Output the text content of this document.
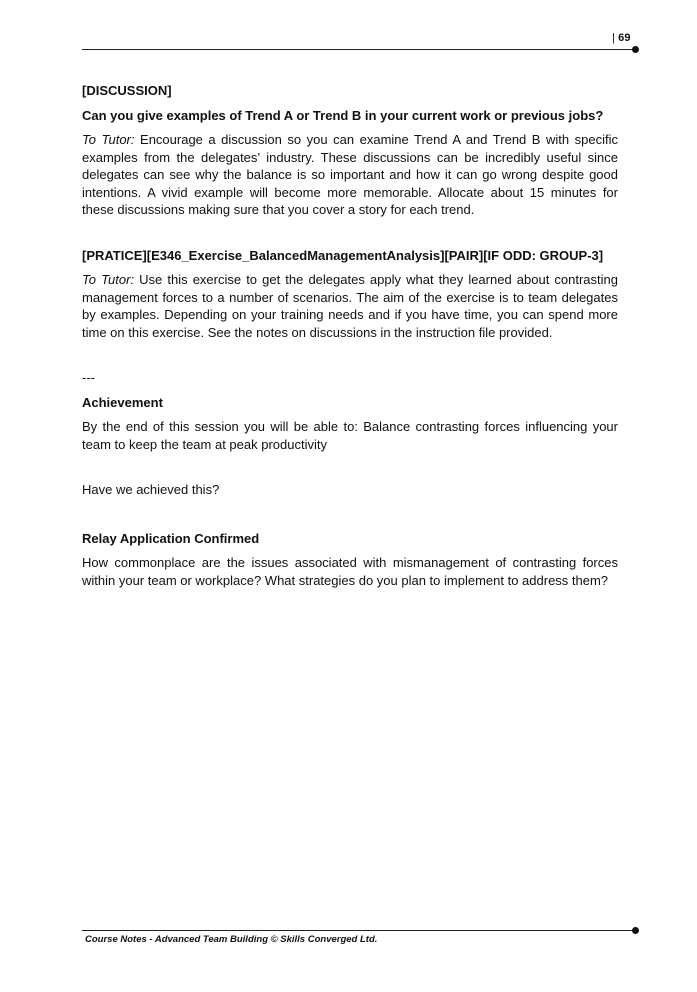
| 69

[DISCUSSION]

Can you give examples of Trend A or Trend B in your current work or previous jobs?

To Tutor: Encourage a discussion so you can examine Trend A and Trend B with specific examples from the delegates’ industry. These discussions can be incredibly useful since delegates can see why the balance is so important and how it can go wrong despite good intentions. A vivid example will become more memorable. Allocate about 15 minutes for these discussions making sure that you cover a story for each trend.

[PRATICE][E346_Exercise_BalancedManagementAnalysis][PAIR][IF ODD: GROUP-3]

To Tutor: Use this exercise to get the delegates apply what they learned about contrasting management forces to a number of scenarios. The aim of the exercise is to team delegates by examples. Depending on your training needs and if you have time, you can spend more time on this exercise. See the notes on discussions in the instruction file provided.

---

Achievement

By the end of this session you will be able to: Balance contrasting forces influencing your team to keep the team at peak productivity

Have we achieved this?

Relay Application Confirmed

How commonplace are the issues associated with mismanagement of contrasting forces within your team or workplace? What strategies do you plan to implement to address them?

Course Notes - Advanced Team Building © Skills Converged Ltd.
